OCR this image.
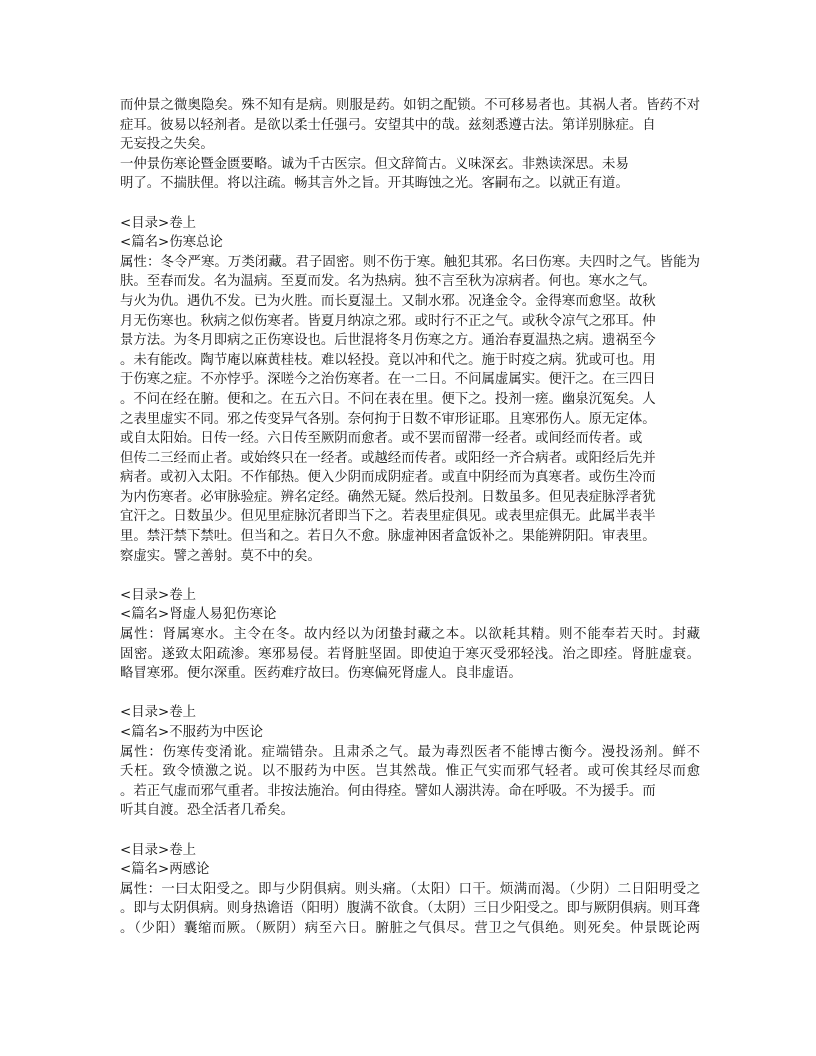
而仲景之微奥隐矣。殊不知有是病。则服是药。如钥之配锁。不可移易者也。其祸人者。皆药不对
症耳。彼易以轻剂者。是欲以柔士任强弓。安望其中的哉。兹刻悉遵古法。第详别脉症。自
无妄投之失矣。
一仲景伤寒论暨金匮要略。诚为千古医宗。但文辞简古。义味深玄。非熟读深思。未易
明了。不揣肤俚。将以注疏。畅其言外之旨。开其晦蚀之光。客嗣布之。以就正有道。
<目录>卷上
<篇名>伤寒总论
属性：冬令严寒。万类闭藏。君子固密。则不伤于寒。触犯其邪。名曰伤寒。夫四时之气。皆能为
肤。至春而发。名为温病。至夏而发。名为热病。独不言至秋为凉病者。何也。寒水之气。
与火为仇。遇仇不发。已为火胜。而长夏湿土。又制水邪。况逢金令。金得寒而愈坚。故秋
月无伤寒也。秋病之似伤寒者。皆夏月纳凉之邪。或时行不正之气。或秋令凉气之邪耳。仲
景方法。为冬月即病之正伤寒设也。后世混将冬月伤寒之方。通治春夏温热之病。遗祸至今
。未有能改。陶节庵以麻黄桂枝。难以轻投。竟以冲和代之。施于时疫之病。犹或可也。用
于伤寒之症。不亦悖乎。深嗟今之治伤寒者。在一二日。不问属虚属实。便汗之。在三四日
。不问在经在腑。便和之。在五六日。不问在表在里。便下之。投剂一瘥。幽泉沉冤矣。人
之表里虚实不同。邪之传变异气各别。奈何拘于日数不审形证耶。且寒邪伤人。原无定体。
或自太阳始。日传一经。六日传至厥阴而愈者。或不罢而留滞一经者。或间经而传者。或
但传二三经而止者。或始终只在一经者。或越经而传者。或阳经一齐合病者。或阳经后先并
病者。或初入太阳。不作郁热。便入少阴而成阴症者。或直中阴经而为真寒者。或伤生冷而
为内伤寒者。必审脉验症。辨名定经。确然无疑。然后投剂。日数虽多。但见表症脉浮者犹
宜汗之。日数虽少。但见里症脉沉者即当下之。若表里症俱见。或表里症俱无。此属半表半
里。禁汗禁下禁吐。但当和之。若日久不愈。脉虚神困者盒饭补之。果能辨阴阳。审表里。
察虚实。譬之善射。莫不中的矣。
<目录>卷上
<篇名>肾虚人易犯伤寒论
属性：肾属寒水。主令在冬。故内经以为闭蛰封藏之本。以欲耗其精。则不能奉若天时。封藏
固密。遂致太阳疏渗。寒邪易侵。若肾脏坚固。即使迫于寒灭受邪轻浅。治之即痊。肾脏虚衰。
略冒寒邪。便尔深重。医药难疗故曰。伤寒偏死肾虚人。良非虚语。
<目录>卷上
<篇名>不服药为中医论
属性：伤寒传变淆讹。症端错杂。且肃杀之气。最为毒烈医者不能博古衡今。漫投汤剂。鲜不
夭枉。致令愤激之说。以不服药为中医。岂其然哉。惟正气实而邪气轻者。或可俟其经尽而愈
。若正气虚而邪气重者。非按法施治。何由得痊。譬如人溺洪涛。命在呼吸。不为援手。而
听其自渡。恐全活者几希矣。
<目录>卷上
<篇名>两感论
属性：一曰太阳受之。即与少阴俱病。则头痛。（太阳）口干。烦满而渴。（少阴）二日阳明受之
。即与太阴俱病。则身热谵语（阳明）腹满不欲食。（太阴）三日少阳受之。即与厥阴俱病。则耳聋
。（少阳）囊缩而厥。（厥阴）病至六日。腑脏之气俱尽。营卫之气俱绝。则死矣。仲景既论两
